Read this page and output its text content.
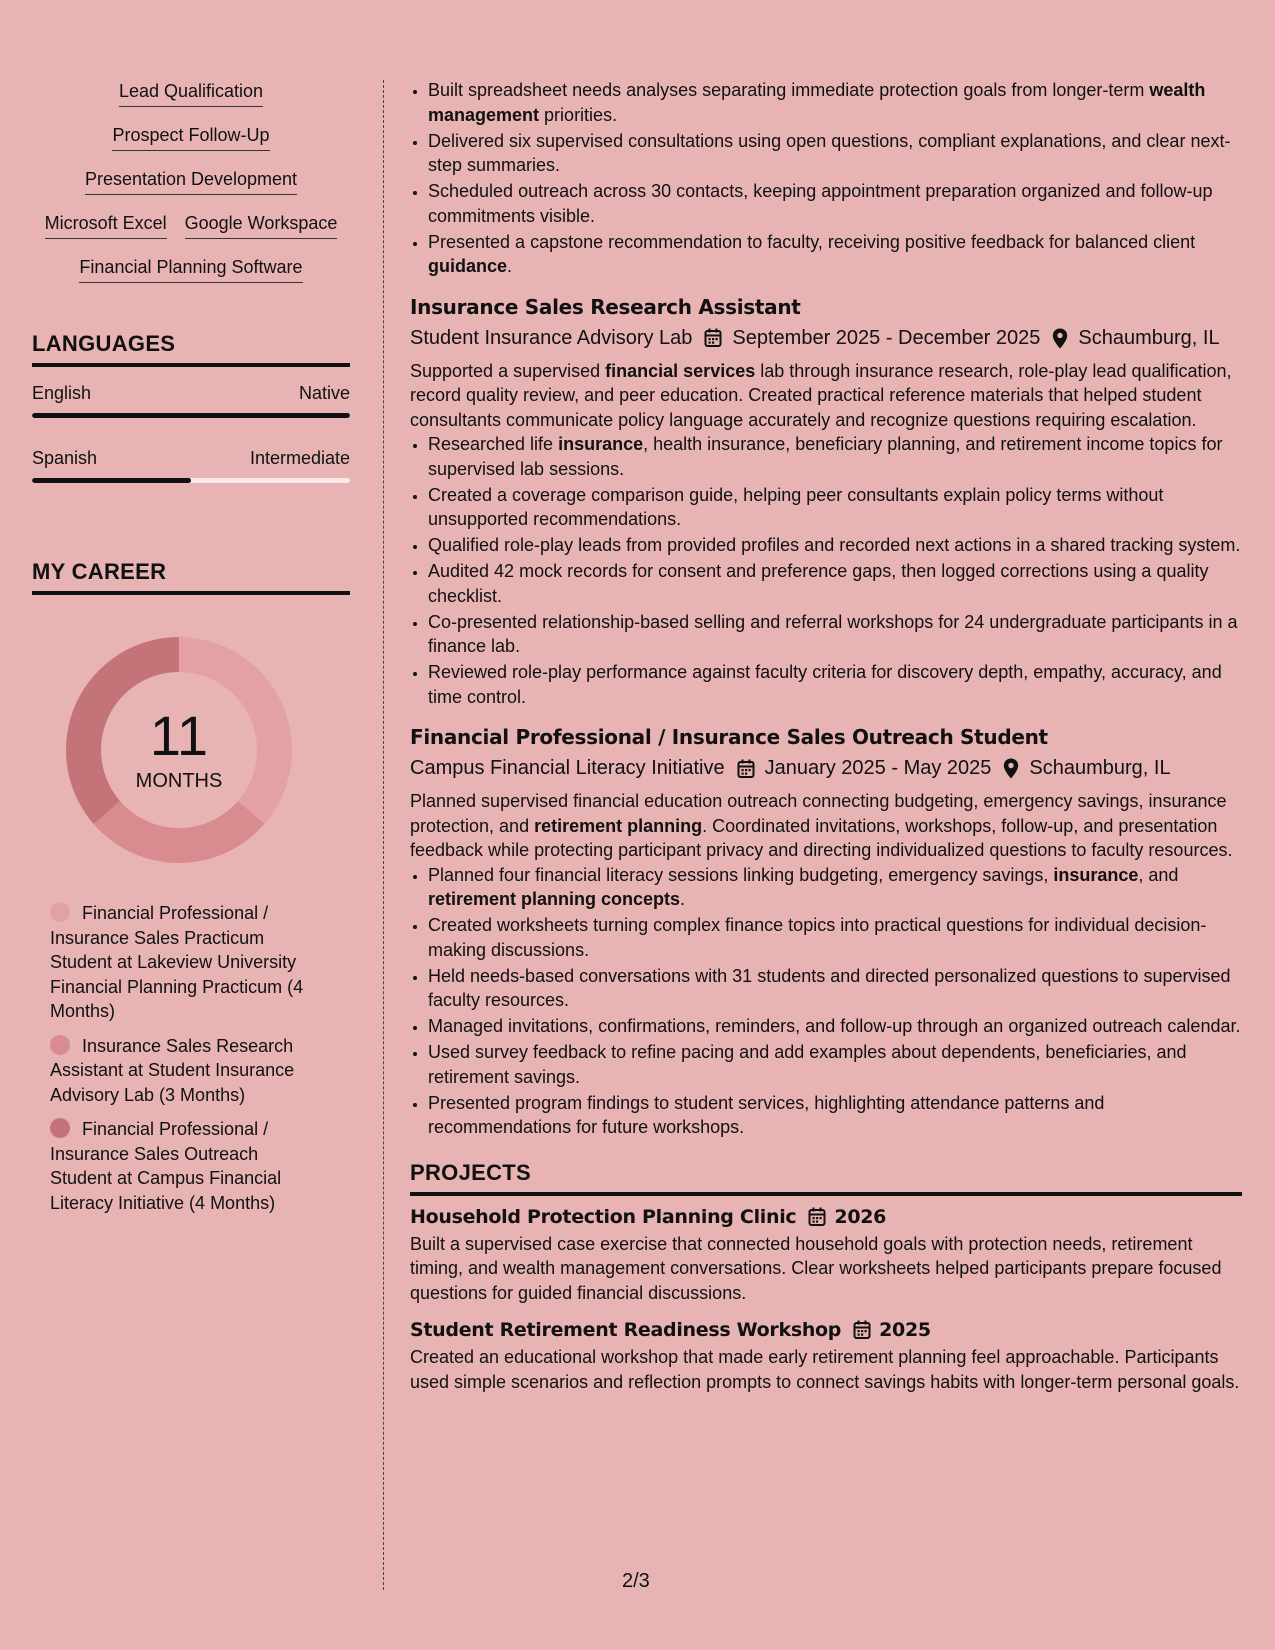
Lead Qualification
Prospect Follow-Up
Presentation Development
Microsoft Excel Google Workspace
Financial Planning Software
LANGUAGES
English	Native
Spanish	Intermediate
MY CAREER
11
MONTHS
Financial Professional / Insurance Sales Practicum Student at Lakeview University Financial Planning Practicum (4 Months)
Insurance Sales Research Assistant at Student Insurance Advisory Lab (3 Months)
Financial Professional / Insurance Sales Outreach Student at Campus Financial Literacy Initiative (4 Months)
• Built spreadsheet needs analyses separating immediate protection goals from longer-term wealth management priorities.
• Delivered six supervised consultations using open questions, compliant explanations, and clear next-step summaries.
• Scheduled outreach across 30 contacts, keeping appointment preparation organized and follow-up commitments visible.
• Presented a capstone recommendation to faculty, receiving positive feedback for balanced client guidance.
Insurance Sales Research Assistant
Student Insurance Advisory Lab September 2025 - December 2025 Schaumburg, IL
Supported a supervised financial services lab through insurance research, role-play lead qualification, record quality review, and peer education. Created practical reference materials that helped student consultants communicate policy language accurately and recognize questions requiring escalation.
• Researched life insurance, health insurance, beneficiary planning, and retirement income topics for supervised lab sessions.
• Created a coverage comparison guide, helping peer consultants explain policy terms without unsupported recommendations.
• Qualified role-play leads from provided profiles and recorded next actions in a shared tracking system.
• Audited 42 mock records for consent and preference gaps, then logged corrections using a quality checklist.
• Co-presented relationship-based selling and referral workshops for 24 undergraduate participants in a finance lab.
• Reviewed role-play performance against faculty criteria for discovery depth, empathy, accuracy, and time control.
Financial Professional / Insurance Sales Outreach Student
Campus Financial Literacy Initiative January 2025 - May 2025 Schaumburg, IL
Planned supervised financial education outreach connecting budgeting, emergency savings, insurance protection, and retirement planning. Coordinated invitations, workshops, follow-up, and presentation feedback while protecting participant privacy and directing individualized questions to faculty resources.
• Planned four financial literacy sessions linking budgeting, emergency savings, insurance, and retirement planning concepts.
• Created worksheets turning complex finance topics into practical questions for individual decision-making discussions.
• Held needs-based conversations with 31 students and directed personalized questions to supervised faculty resources.
• Managed invitations, confirmations, reminders, and follow-up through an organized outreach calendar.
• Used survey feedback to refine pacing and add examples about dependents, beneficiaries, and retirement savings.
• Presented program findings to student services, highlighting attendance patterns and recommendations for future workshops.
PROJECTS
Household Protection Planning Clinic 2026
Built a supervised case exercise that connected household goals with protection needs, retirement timing, and wealth management conversations. Clear worksheets helped participants prepare focused questions for guided financial discussions.
Student Retirement Readiness Workshop 2025
Created an educational workshop that made early retirement planning feel approachable. Participants used simple scenarios and reflection prompts to connect savings habits with longer-term personal goals.
2/3
